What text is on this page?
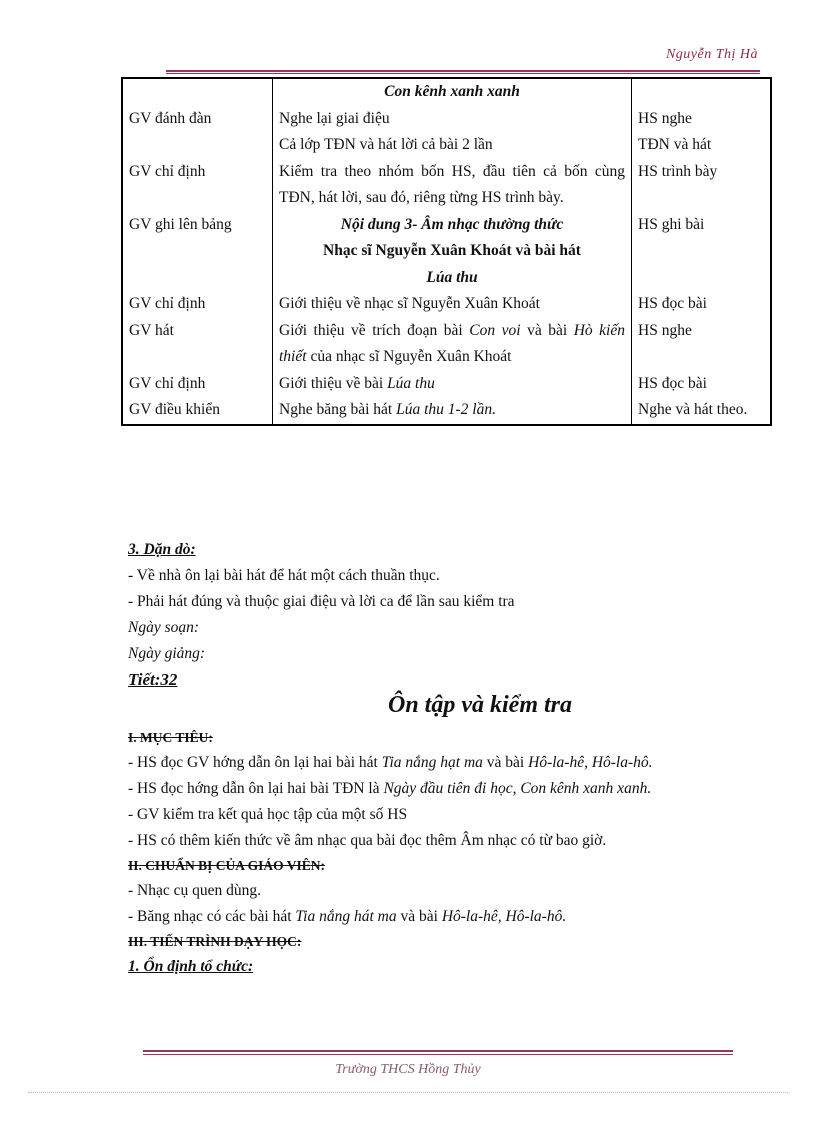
Nguyễn Thị Hà
	Con kênh xanh xanh	
GV đánh đàn	Nghe lại giai điệu	HS nghe
	Cả lớp TĐN và hát lời cả bài 2 lần	TĐN và hát
GV chỉ định	Kiểm tra theo nhóm bốn HS, đầu tiên cả bốn cùng TĐN, hát lời, sau đó, riêng từng HS trình bày.	HS trình bày
GV ghi lên bảng	Nội dung 3- Âm nhạc thường thức	HS ghi bài
	Nhạc sĩ Nguyễn Xuân Khoát và bài hát	
	Lúa thu	
GV chỉ định	Giới thiệu về nhạc sĩ Nguyễn Xuân Khoát	HS đọc bài
GV hát	Giới thiệu về trích đoạn bài Con voi và bài Hò kiến thiết của nhạc sĩ Nguyễn Xuân Khoát	HS nghe
GV chỉ định	Giới thiệu về bài Lúa thu	HS đọc bài
GV điều khiển	Nghe băng bài hát Lúa thu 1-2 lần.	Nghe và hát theo.
3. Dặn dò:
- Về nhà ôn lại bài hát để hát một cách thuần thục.
- Phải hát đúng và thuộc giai điệu và lời ca để lần sau kiểm tra
Ngày soạn:
Ngày giảng:
Tiết:32
Ôn tập và kiểm tra
I. MỤC TIÊU:
- HS đọc GV hớng dẫn ôn lại hai bài hát Tia nắng hạt ma và bài Hô-la-hê, Hô-la-hô.
- HS đọc hớng dẫn ôn lại hai bài TĐN là Ngày đầu tiên đi học, Con kênh xanh xanh.
- GV kiểm tra kết quả học tập của một số HS
- HS có thêm kiến thức về âm nhạc qua bài đọc thêm Âm nhạc có từ bao giờ.
II. CHUẨN BỊ CỦA GIÁO VIÊN:
- Nhạc cụ quen dùng.
- Băng nhạc có các bài hát Tia nắng hát ma và bài Hô-la-hê, Hô-la-hô.
III. TIẾN TRÌNH DẠY HỌC:
1. Ổn định tổ chức:
Trường THCS Hồng Thủy
